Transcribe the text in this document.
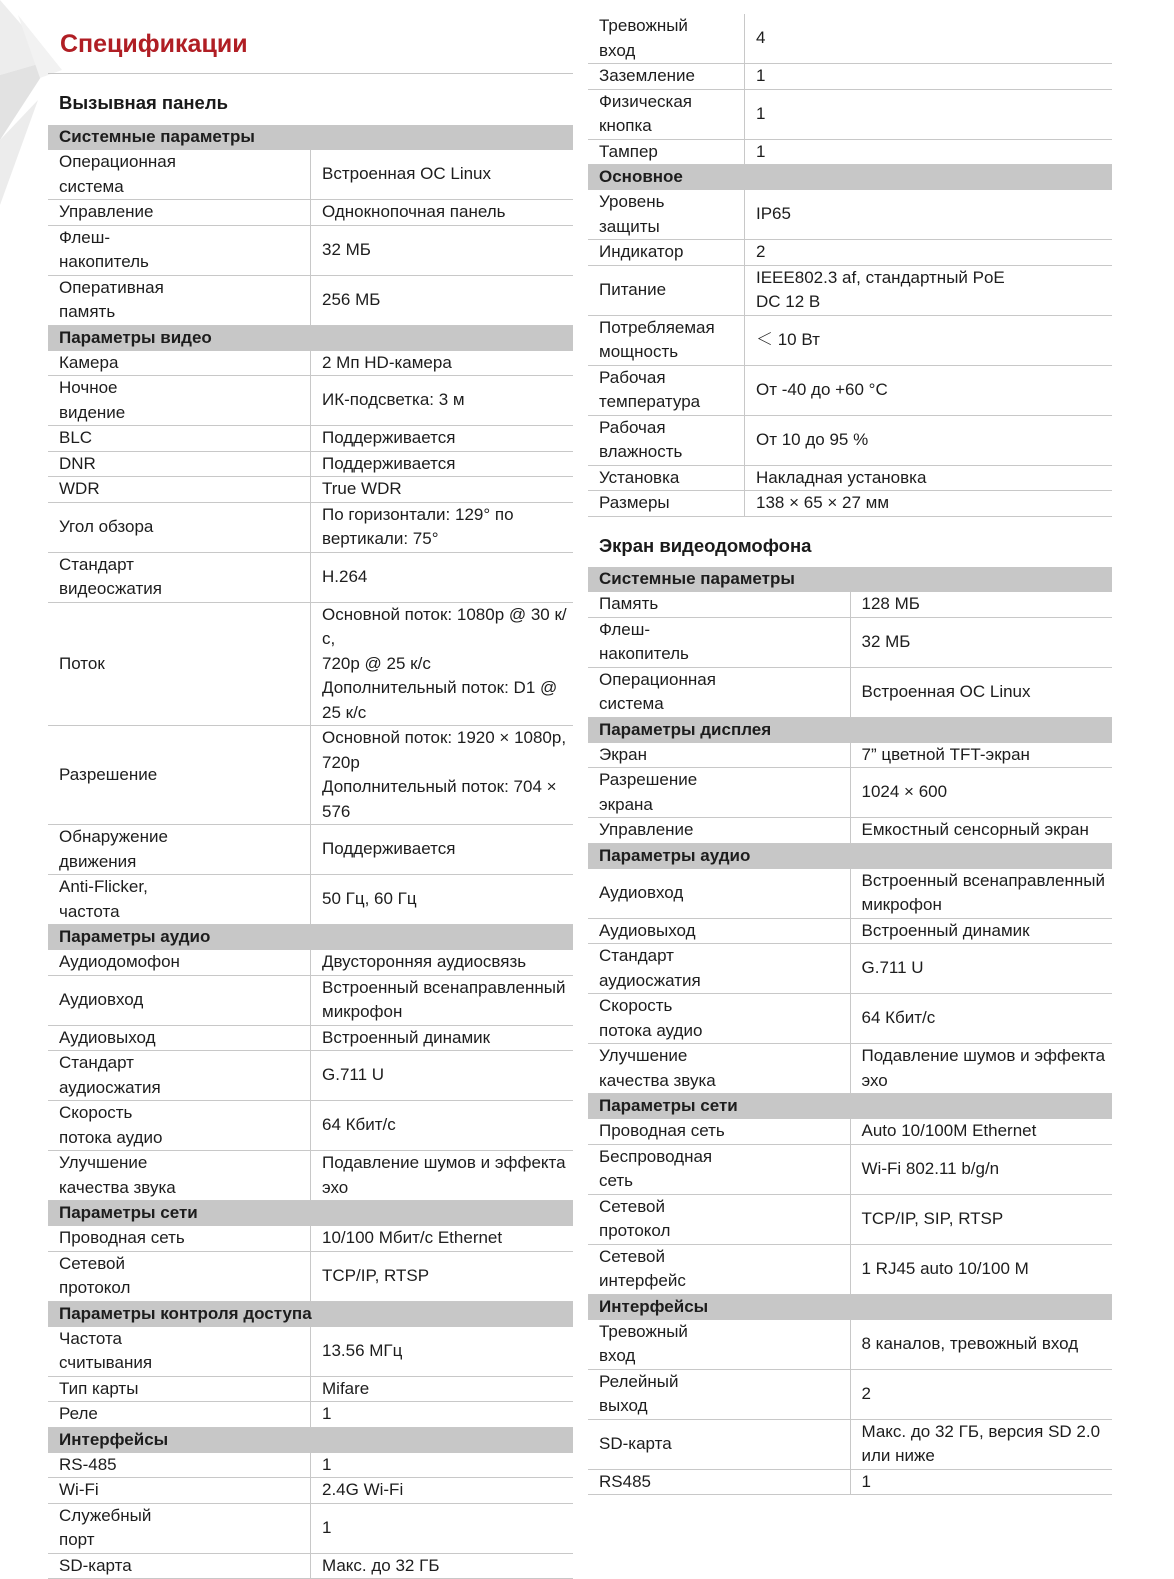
Спецификации
Вызывная панель
Системные параметры	

Операционная
система	Встроенная ОС Linux

Управление	Однокнопочная панель

Флеш-
накопитель	32 МБ

Оперативная
память	256 МБ

Параметры видео	

Камера	2 Мп HD-камера

Ночное
видение	ИК-подсветка: 3 м

BLC	Поддерживается

DNR	Поддерживается

WDR	True WDR

Угол обзора	По горизонтали: 129° по вертикали: 75°

Стандарт
видеосжатия	H.264

Поток	Основной поток: 1080p @ 30 к/с,
720p @ 25 к/с
Дополнительный поток: D1 @ 25 к/с

Разрешение	Основной поток: 1920 × 1080p, 720p
Дополнительный поток: 704 × 576

Обнаружение
движения	Поддерживается

Anti-Flicker,
частота	50 Гц, 60 Гц

Параметры аудио	

Аудиодомофон	Двусторонняя аудиосвязь

Аудиовход	Встроенный всенаправленный
микрофон

Аудиовыход	Встроенный динамик

Стандарт
аудиосжатия	G.711 U

Скорость
потока аудио	64 Кбит/с

Улучшение
качества звука	Подавление шумов и эффекта эхо

Параметры сети	

Проводная сеть	10/100 Мбит/с Ethernet

Сетевой
протокол	TCP/IP, RTSP

Параметры контроля доступа	

Частота
считывания	13.56 МГц

Тип карты	Mifare

Реле	1

Интерфейсы	

RS-485	1

Wi-Fi	2.4G Wi-Fi

Служебный
порт	1

SD-карта	Макс. до 32 ГБ
Тревожный
вход	4

Заземление	1

Физическая
кнопка	1

Тампер	1

Основное	

Уровень
защиты	IP65

Индикатор	2

Питание	IEEE802.3 af, стандартный PoE
DC 12 В

Потребляемая
мощность	＜ 10 Вт

Рабочая
температура	От -40 до +60 °C

Рабочая
влажность	От 10 до 95 %

Установка	Накладная установка

Размеры	138 × 65 × 27 мм
Экран видеодомофона
Системные параметры	

Память	128 МБ

Флеш-
накопитель	32 МБ

Операционная
система	Встроенная ОС Linux

Параметры дисплея	

Экран	7” цветной TFT-экран

Разрешение
экрана	1024 × 600

Управление	Емкостный сенсорный экран

Параметры аудио	

Аудиовход	Встроенный всенаправленный
микрофон

Аудиовыход	Встроенный динамик

Стандарт
аудиосжатия	G.711 U

Скорость
потока аудио	64 Кбит/с

Улучшение
качества звука	Подавление шумов и эффекта эхо

Параметры сети	

Проводная сеть	Auto 10/100M Ethernet

Беспроводная
сеть	Wi-Fi 802.11 b/g/n

Сетевой
протокол	TCP/IP, SIP, RTSP

Сетевой
интерфейс	1 RJ45 auto 10/100 M

Интерфейсы	

Тревожный
вход	8 каналов, тревожный вход

Релейный
выход	2

SD-карта	Макс. до 32 ГБ, версия SD 2.0 или ниже

RS485	1
